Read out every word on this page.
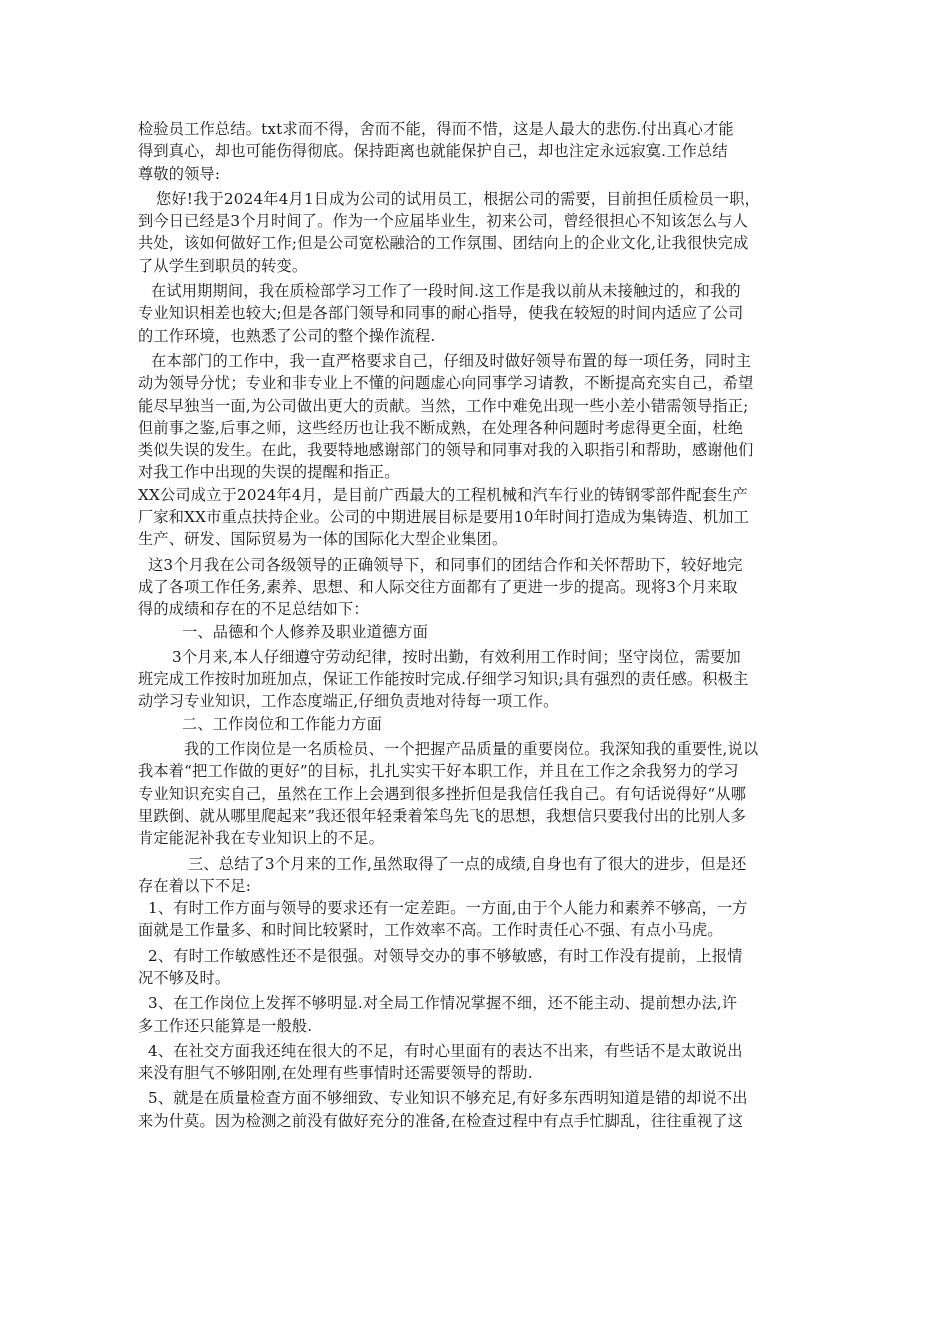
检验员工作总结。txt求而不得，舍而不能，得而不惜，这是人最大的悲伤.付出真心才能
得到真心，却也可能伤得彻底。保持距离也就能保护自己，却也注定永远寂寞.工作总结
尊敬的领导:
您好!我于2024年4月1日成为公司的试用员工，根据公司的需要，目前担任质检员一职，
到今日已经是3个月时间了。作为一个应届毕业生，初来公司，曾经很担心不知该怎么与人
共处，该如何做好工作;但是公司宽松融洽的工作氛围、团结向上的企业文化,让我很快完成
了从学生到职员的转变。
在试用期期间，我在质检部学习工作了一段时间.这工作是我以前从未接触过的，和我的
专业知识相差也较大;但是各部门领导和同事的耐心指导，使我在较短的时间内适应了公司
的工作环境，也熟悉了公司的整个操作流程.
在本部门的工作中，我一直严格要求自己，仔细及时做好领导布置的每一项任务，同时主
动为领导分忧；专业和非专业上不懂的问题虚心向同事学习请教，不断提高充实自己，希望
能尽早独当一面,为公司做出更大的贡献。当然，工作中难免出现一些小差小错需领导指正;
但前事之鉴,后事之师，这些经历也让我不断成熟，在处理各种问题时考虑得更全面，杜绝
类似失误的发生。在此，我要特地感谢部门的领导和同事对我的入职指引和帮助，感谢他们
对我工作中出现的失误的提醒和指正。
XX公司成立于2024年4月，是目前广西最大的工程机械和汽车行业的铸钢零部件配套生产
厂家和XX市重点扶持企业。公司的中期进展目标是要用10年时间打造成为集铸造、机加工
生产、研发、国际贸易为一体的国际化大型企业集团。
这3个月我在公司各级领导的正确领导下，和同事们的团结合作和关怀帮助下，较好地完
成了各项工作任务,素养、思想、和人际交往方面都有了更进一步的提高。现将3个月来取
得的成绩和存在的不足总结如下：
一、品德和个人修养及职业道德方面
3个月来,本人仔细遵守劳动纪律，按时出勤，有效利用工作时间；坚守岗位，需要加
班完成工作按时加班加点，保证工作能按时完成.仔细学习知识;具有强烈的责任感。积极主
动学习专业知识，工作态度端正,仔细负责地对待每一项工作。
二、工作岗位和工作能力方面
我的工作岗位是一名质检员、一个把握产品质量的重要岗位。我深知我的重要性,说以
我本着“把工作做的更好”的目标，扎扎实实干好本职工作，并且在工作之余我努力的学习
专业知识充实自己，虽然在工作上会遇到很多挫折但是我信任我自己。有句话说得好“从哪
里跌倒、就从哪里爬起来”我还很年轻秉着笨鸟先飞的思想，我想信只要我付出的比别人多
肯定能泥补我在专业知识上的不足。
三、总结了3个月来的工作,虽然取得了一点的成绩,自身也有了很大的进步，但是还
存在着以下不足:
1、有时工作方面与领导的要求还有一定差距。一方面,由于个人能力和素养不够高，一方
面就是工作量多、和时间比较紧时，工作效率不高。工作时责任心不强、有点小马虎。
2、有时工作敏感性还不是很强。对领导交办的事不够敏感，有时工作没有提前，上报情
况不够及时。
3、在工作岗位上发挥不够明显.对全局工作情况掌握不细，还不能主动、提前想办法,许
多工作还只能算是一般般.
4、在社交方面我还纯在很大的不足，有时心里面有的表达不出来，有些话不是太敢说出
来没有胆气不够阳刚,在处理有些事情时还需要领导的帮助.
5、就是在质量检查方面不够细致、专业知识不够充足,有好多东西明知道是错的却说不出
来为什莫。因为检测之前没有做好充分的准备,在检查过程中有点手忙脚乱，往往重视了这
